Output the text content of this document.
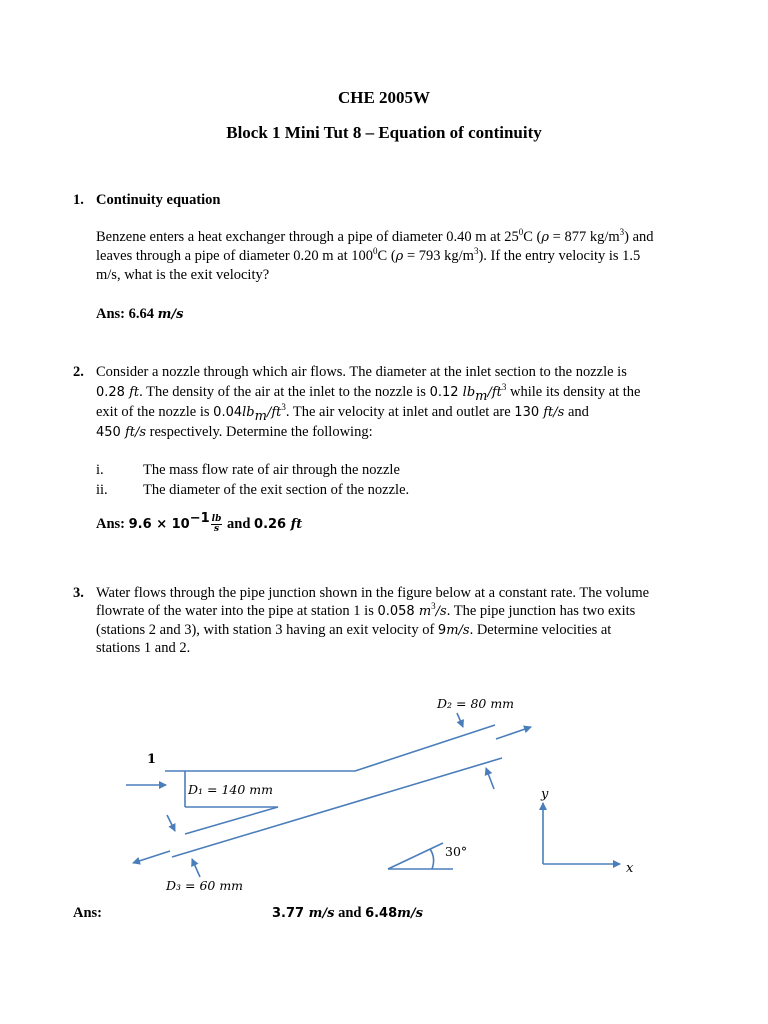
CHE 2005W
Block 1 Mini Tut 8 – Equation of continuity
1. Continuity equation
Benzene enters a heat exchanger through a pipe of diameter 0.40 m at $25^0C$ (ρ = 877 $kg/m^3$) and
leaves through a pipe of diameter 0.20 m at $100^0C$ (ρ = 793 $kg/m^3$). If the entry velocity is 1.5
m/s, what is the exit velocity?
Ans: 6.64 m/s
2. Consider a nozzle through which air flows. The diameter at the inlet section to the nozzle is
0.28 ft. The density of the air at the inlet to the nozzle is 0.12 $lb_m/ft^3$ while its density at the
exit of the nozzle is $0.04lb_m/ft^3$. The air velocity at inlet and outlet are 130 ft/s and
450 ft/s respectively. Determine the following:
i.	The mass flow rate of air through the nozzle
ii. The diameter of the exit section of the nozzle.
Ans: $9.6 \times 10^{-1} \frac{lb}{s}$ and 0.26 ft
3. Water flows through the pipe junction shown in the figure below at a constant rate. The volume
flowrate of the water into the pipe at station 1 is 0.058 $m^3/s$. The pipe junction has two exits
(stations 2 and 3), with station 3 having an exit velocity of 9m/s. Determine velocities at
stations 1 and 2.
1
D₂ = 80 mm
D₁ = 140 mm
D₃ = 60 mm
30°
x
y
Ans:	3.77 m/s and 6.48m/s
